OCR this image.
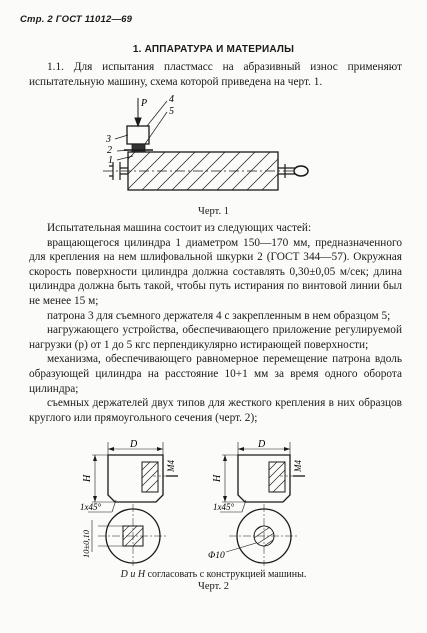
Стр. 2 ГОСТ 11012—69
1. АППАРАТУРА И МАТЕРИАЛЫ
1.1. Для испытания пластмасс на абразивный износ применяют испытательную машину, схема которой приведена на черт. 1.
P 4
5
3
2
1
Черт. 1
Испытательная машина состоит из следующих частей:
вращающегося цилиндра 1 диаметром 150—170 мм, предназначенного для крепления на нем шлифовальной шкурки 2 (ГОСТ 344—57). Окружная скорость поверхности цилиндра должна составлять 0,30±0,05 м/сек; длина цилиндра должна быть такой, чтобы путь истирания по винтовой линии был не менее 15 м;
патрона 3 для съемного держателя 4 с закрепленным в нем образцом 5;
нагружающего устройства, обеспечивающего приложение регулируемой нагрузки (p) от 1 до 5 кгс перпендикулярно истирающей поверхности;
механизма, обеспечивающего равномерное перемещение патрона вдоль образующей цилиндра на расстояние 10+1 мм за время одного оборота цилиндра;
съемных держателей двух типов для жесткого крепления в них образцов круглого или прямоугольного сечения (черт. 2);
D
H
M4
1x45°
10±0,10
D
H
M4
1x45°
Φ10
D и H согласовать с конструкцией машины.
Черт. 2
